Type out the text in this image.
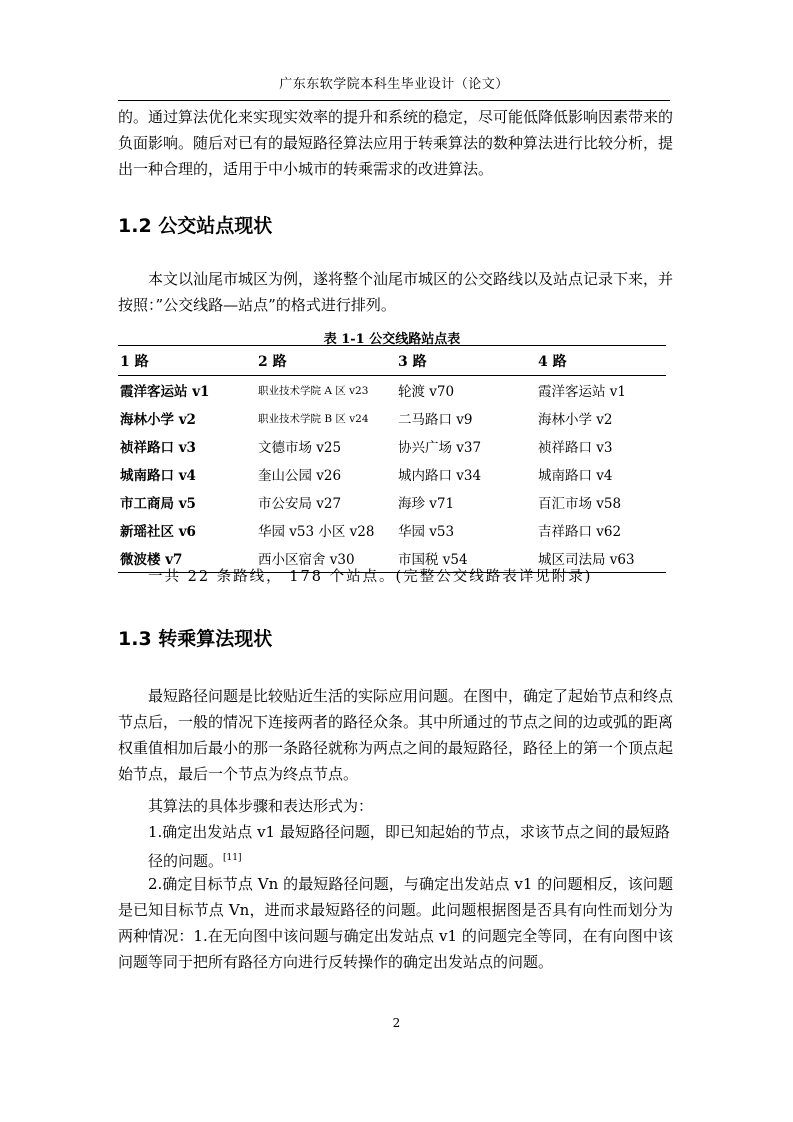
广东东软学院本科生毕业设计（论文）

的。通过算法优化来实现实效率的提升和系统的稳定，尽可能低降低影响因素带来的负面影响。随后对已有的最短路径算法应用于转乘算法的数种算法进行比较分析，提出一种合理的，适用于中小城市的转乘需求的改进算法。

1.2 公交站点现状

本文以汕尾市城区为例，遂将整个汕尾市城区的公交路线以及站点记录下来，并按照：”公交线路—站点”的格式进行排列。

表 1-1 公交线路站点表
1 路	2 路	3 路	4 路
霞洋客运站 v1	职业技术学院 A 区 v23	轮渡 v70	霞洋客运站 v1
海林小学 v2	职业技术学院 B 区 v24	二马路口 v9	海林小学 v2
祯祥路口 v3	文德市场 v25	协兴广场 v37	祯祥路口 v3
城南路口 v4	奎山公园 v26	城内路口 v34	城南路口 v4
市工商局 v5	市公安局 v27	海珍 v71	百汇市场 v58
新瑶社区 v6	华园 v53 小区 v28	华园 v53	吉祥路口 v62
微波楼 v7	西小区宿舍 v30	市国税 v54	城区司法局 v63
一共 22 条路线， 178 个站点。(完整公交线路表详见附录)
1.3 转乘算法现状

最短路径问题是比较贴近生活的实际应用问题。在图中，确定了起始节点和终点节点后，一般的情况下连接两者的路径众条。其中所通过的节点之间的边或弧的距离权重值相加后最小的那一条路径就称为两点之间的最短路径，路径上的第一个顶点起始节点，最后一个节点为终点节点。

其算法的具体步骤和表达形式为：

1.确定出发站点 v1 最短路径问题，即已知起始的节点，求该节点之间的最短路
径的问题。[11]

2.确定目标节点 Vn 的最短路径问题，与确定出发站点 v1 的问题相反，该问题是已知目标节点 Vn，进而求最短路径的问题。此问题根据图是否具有向性而划分为两种情况：1.在无向图中该问题与确定出发站点 v1 的问题完全等同，在有向图中该问题等同于把所有路径方向进行反转操作的确定出发站点的问题。

2
